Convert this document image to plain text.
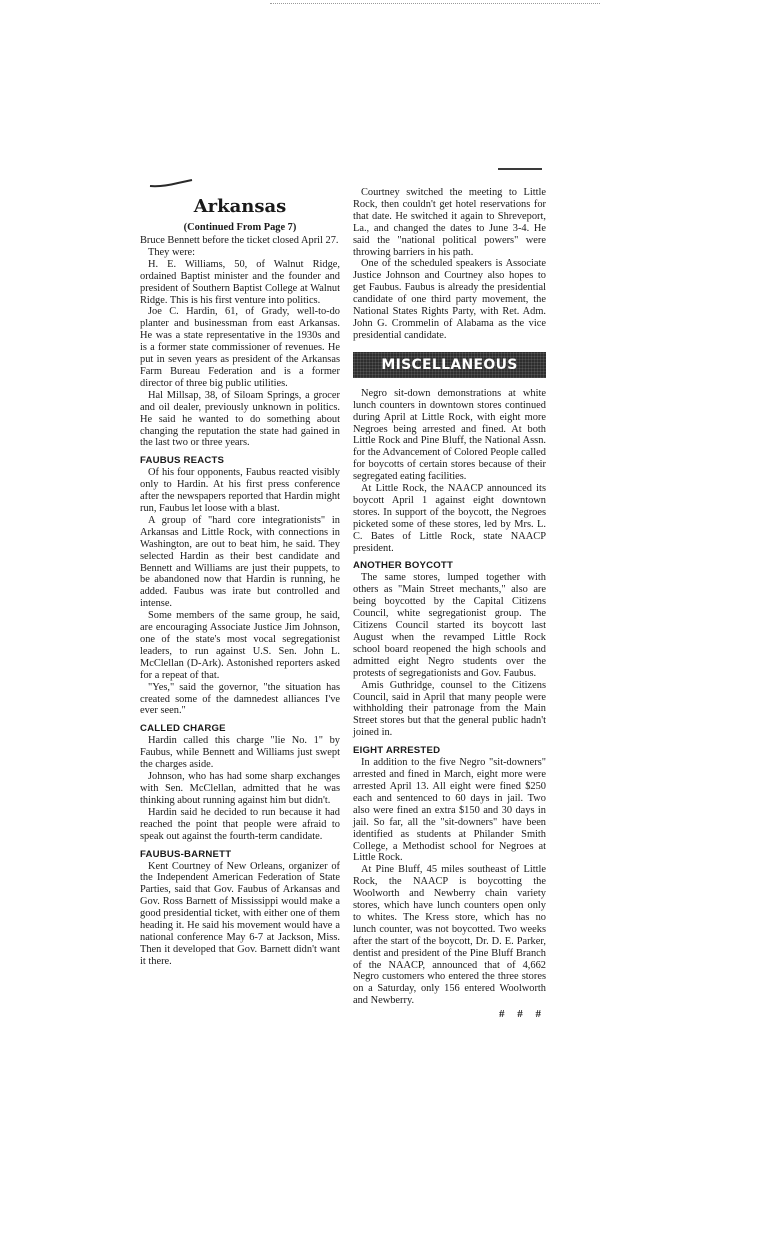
Arkansas
(Continued From Page 7)

Bruce Bennett before the ticket closed April 27.

They were:

H. E. Williams, 50, of Walnut Ridge, ordained Baptist minister and the founder and president of Southern Baptist College at Walnut Ridge. This is his first venture into politics.

Joe C. Hardin, 61, of Grady, well-to-do planter and businessman from east Arkansas. He was a state representative in the 1930s and is a former state commissioner of revenues. He put in seven years as president of the Arkansas Farm Bureau Federation and is a former director of three big public utilities.

Hal Millsap, 38, of Siloam Springs, a grocer and oil dealer, previously unknown in politics. He said he wanted to do something about changing the reputation the state had gained in the last two or three years.

FAUBUS REACTS

Of his four opponents, Faubus reacted visibly only to Hardin. At his first press conference after the newspapers reported that Hardin might run, Faubus let loose with a blast.

A group of "hard core integrationists" in Arkansas and Little Rock, with connections in Washington, are out to beat him, he said. They selected Hardin as their best candidate and Bennett and Williams are just their puppets, to be abandoned now that Hardin is running, he added. Faubus was irate but controlled and intense.

Some members of the same group, he said, are encouraging Associate Justice Jim Johnson, one of the state's most vocal segregationist leaders, to run against U.S. Sen. John L. McClellan (D-Ark). Astonished reporters asked for a repeat of that.

"Yes," said the governor, "the situation has created some of the damnedest alliances I've ever seen."

CALLED CHARGE

Hardin called this charge "lie No. 1" by Faubus, while Bennett and Williams just swept the charges aside.

Johnson, who has had some sharp exchanges with Sen. McClellan, admitted that he was thinking about running against him but didn't.

Hardin said he decided to run because it had reached the point that people were afraid to speak out against the fourth-term candidate.

FAUBUS-BARNETT

Kent Courtney of New Orleans, organizer of the Independent American Federation of State Parties, said that Gov. Faubus of Arkansas and Gov. Ross Barnett of Mississippi would make a good presidential ticket, with either one of them heading it. He said his movement would have a national conference May 6-7 at Jackson, Miss. Then it developed that Gov. Barnett didn't want it there.

Courtney switched the meeting to Little Rock, then couldn't get hotel reservations for that date. He switched it again to Shreveport, La., and changed the dates to June 3-4. He said the "national political powers" were throwing barriers in his path.

One of the scheduled speakers is Associate Justice Johnson and Courtney also hopes to get Faubus. Faubus is already the presidential candidate of one third party movement, the National States Rights Party, with Ret. Adm. John G. Crommelin of Alabama as the vice presidential candidate.

MISCELLANEOUS

Negro sit-down demonstrations at white lunch counters in downtown stores continued during April at Little Rock, with eight more Negroes being arrested and fined. At both Little Rock and Pine Bluff, the National Assn. for the Advancement of Colored People called for boycotts of certain stores because of their segregated eating facilities.

At Little Rock, the NAACP announced its boycott April 1 against eight downtown stores. In support of the boycott, the Negroes picketed some of these stores, led by Mrs. L. C. Bates of Little Rock, state NAACP president.

ANOTHER BOYCOTT

The same stores, lumped together with others as "Main Street mechants," also are being boycotted by the Capital Citizens Council, white segregationist group. The Citizens Council started its boycott last August when the revamped Little Rock school board reopened the high schools and admitted eight Negro students over the protests of segregationists and Gov. Faubus.

Amis Guthridge, counsel to the Citizens Council, said in April that many people were withholding their patronage from the Main Street stores but that the general public hadn't joined in.

EIGHT ARRESTED

In addition to the five Negro "sit-downers" arrested and fined in March, eight more were arrested April 13. All eight were fined $250 each and sentenced to 60 days in jail. Two also were fined an extra $150 and 30 days in jail. So far, all the "sit-downers" have been identified as students at Philander Smith College, a Methodist school for Negroes at Little Rock.

At Pine Bluff, 45 miles southeast of Little Rock, the NAACP is boycotting the Woolworth and Newberry chain variety stores, which have lunch counters open only to whites. The Kress store, which has no lunch counter, was not boycotted. Two weeks after the start of the boycott, Dr. D. E. Parker, dentist and president of the Pine Bluff Branch of the NAACP, announced that of 4,662 Negro customers who entered the three stores on a Saturday, only 156 entered Woolworth and Newberry.

# # #
